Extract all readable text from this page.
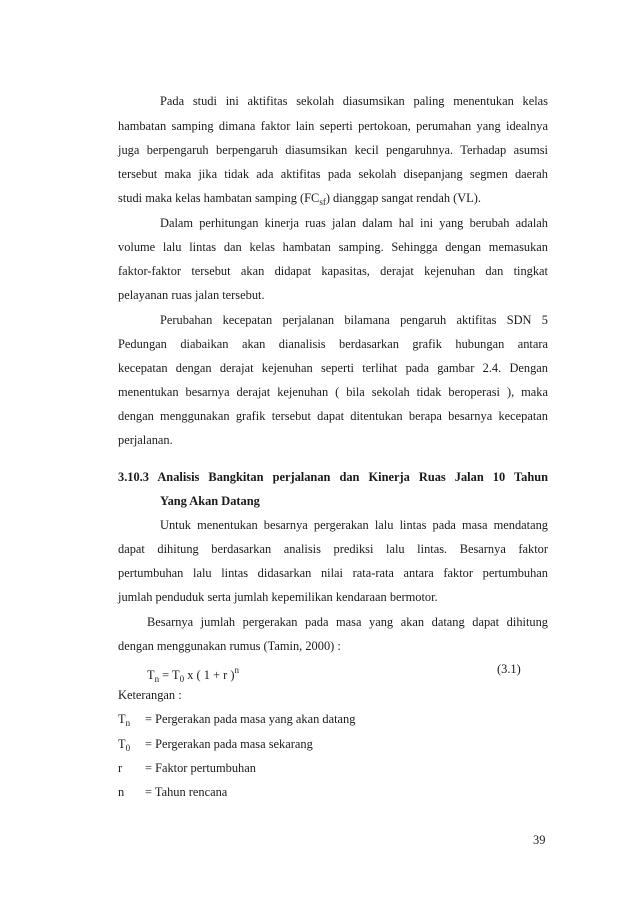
Pada studi ini aktifitas sekolah diasumsikan paling menentukan kelas
hambatan samping dimana faktor lain seperti pertokoan, perumahan yang idealnya
juga berpengaruh berpengaruh diasumsikan kecil pengaruhnya. Terhadap asumsi
tersebut maka jika tidak ada aktifitas pada sekolah disepanjang segmen daerah
studi maka kelas hambatan samping $(FC_{sf})$ dianggap sangat rendah (VL).
Dalam perhitungan kinerja ruas jalan dalam hal ini yang berubah adalah
volume lalu lintas dan kelas hambatan samping. Sehingga dengan memasukan
faktor-faktor tersebut akan didapat kapasitas, derajat kejenuhan dan tingkat
pelayanan ruas jalan tersebut.
Perubahan kecepatan perjalanan bilamana pengaruh aktifitas SDN 5
Pedungan diabaikan akan dianalisis berdasarkan grafik hubungan antara
kecepatan dengan derajat kejenuhan seperti terlihat pada gambar 2.4. Dengan
menentukan besarnya derajat kejenuhan ( bila sekolah tidak beroperasi ), maka
dengan menggunakan grafik tersebut dapat ditentukan berapa besarnya kecepatan
perjalanan.
3.10.3 Analisis Bangkitan perjalanan dan Kinerja Ruas Jalan 10 Tahun
Yang Akan Datang
Untuk menentukan besarnya pergerakan lalu lintas pada masa mendatang
dapat dihitung berdasarkan analisis prediksi lalu lintas. Besarnya faktor
pertumbuhan lalu lintas didasarkan nilai rata-rata antara faktor pertumbuhan
jumlah penduduk serta jumlah kepemilikan kendaraan bermotor.
Besarnya jumlah pergerakan pada masa yang akan datang dapat dihitung
dengan menggunakan rumus (Tamin, 2000) :
$T_n = T_0$ x ( 1 + r )$^n$	(3.1)
Keterangan :
$T_n$ = Pergerakan pada masa yang akan datang
$T_0$ = Pergerakan pada masa sekarang
r = Faktor pertumbuhan
n = Tahun rencana
39
